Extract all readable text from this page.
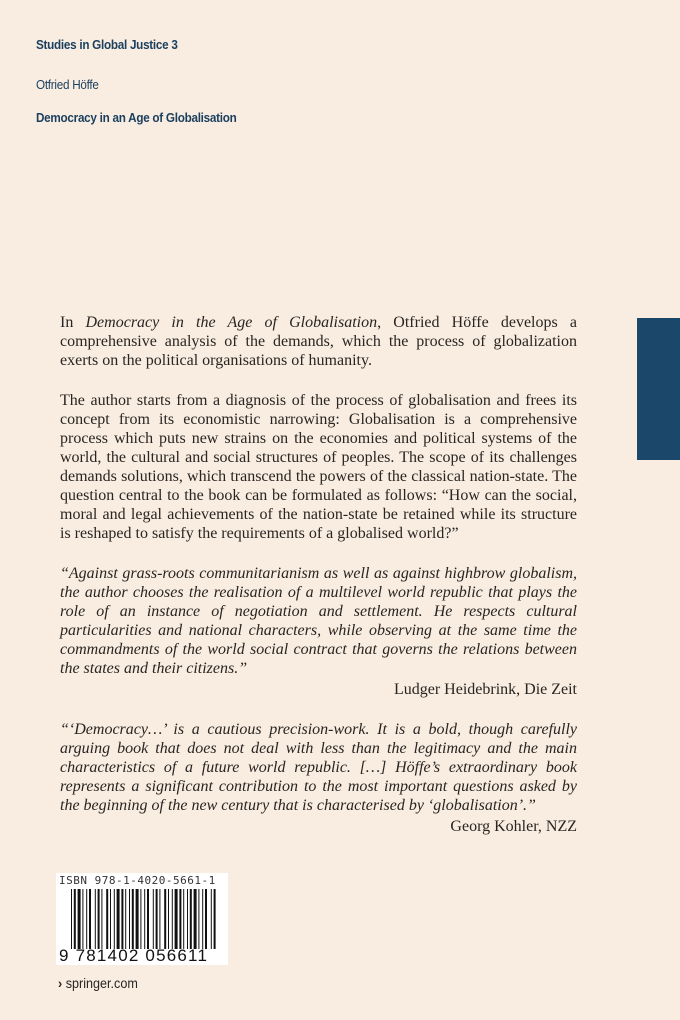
Studies in Global Justice 3
Otfried Höffe
Democracy in an Age of Globalisation

In Democracy in the Age of Globalisation, Otfried Höffe develops a comprehensive analysis of the demands, which the process of globalization exerts on the political organisations of humanity.

The author starts from a diagnosis of the process of globalisation and frees its concept from its economistic narrowing: Globalisation is a comprehensive process which puts new strains on the economies and political systems of the world, the cultural and social structures of peoples. The scope of its challenges demands solutions, which transcend the powers of the classical nation-state. The question central to the book can be formulated as follows: “How can the social, moral and legal achievements of the nation-state be retained while its structure is reshaped to satisfy the requirements of a globalised world?”

“Against grass-roots communitarianism as well as against highbrow globalism, the author chooses the realisation of a multilevel world republic that plays the role of an instance of negotiation and settlement. He respects cultural particularities and national characters, while observing at the same time the commandments of the world social contract that governs the relations between the states and their citizens.”
Ludger Heidebrink, Die Zeit
“‘Democracy…’ is a cautious precision-work. It is a bold, though carefully arguing book that does not deal with less than the legitimacy and the main characteristics of a future world republic. […] Höffe’s extraordinary book represents a significant contribution to the most important questions asked by the beginning of the new century that is characterised by ‘globalisation’.”
Georg Kohler, NZZ
ISBN 978-1-4020-5661-1
9 781402 056611
› springer.com
